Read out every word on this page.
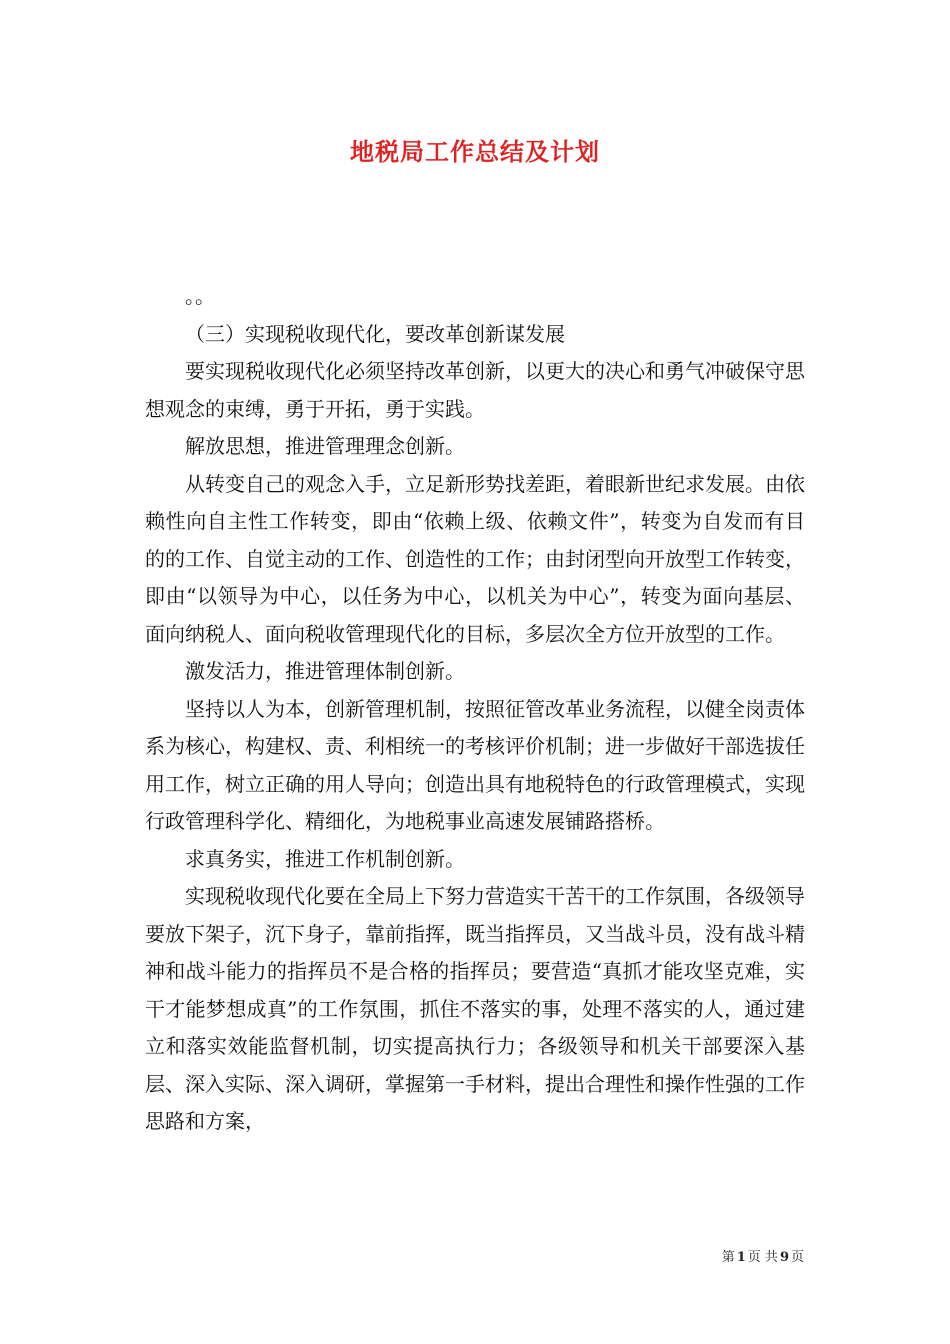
地税局工作总结及计划

。。

（三）实现税收现代化，要改革创新谋发展

要实现税收现代化必须坚持改革创新，以更大的决心和勇气冲破保守思想观念的束缚，勇于开拓，勇于实践。

解放思想，推进管理理念创新。

从转变自己的观念入手，立足新形势找差距，着眼新世纪求发展。由依赖性向自主性工作转变，即由“依赖上级、依赖文件”，转变为自发而有目的的工作、自觉主动的工作、创造性的工作；由封闭型向开放型工作转变，即由“以领导为中心，以任务为中心，以机关为中心”，转变为面向基层、面向纳税人、面向税收管理现代化的目标，多层次全方位开放型的工作。

激发活力，推进管理体制创新。

坚持以人为本，创新管理机制，按照征管改革业务流程，以健全岗责体系为核心，构建权、责、利相统一的考核评价机制；进一步做好干部选拔任用工作，树立正确的用人导向；创造出具有地税特色的行政管理模式，实现行政管理科学化、精细化，为地税事业高速发展铺路搭桥。

求真务实，推进工作机制创新。

实现税收现代化要在全局上下努力营造实干苦干的工作氛围，各级领导要放下架子，沉下身子，靠前指挥，既当指挥员，又当战斗员，没有战斗精神和战斗能力的指挥员不是合格的指挥员；要营造“真抓才能攻坚克难，实干才能梦想成真”的工作氛围，抓住不落实的事，处理不落实的人，通过建立和落实效能监督机制，切实提高执行力；各级领导和机关干部要深入基层、深入实际、深入调研，掌握第一手材料，提出合理性和操作性强的工作思路和方案，

第 1 页 共 9 页
